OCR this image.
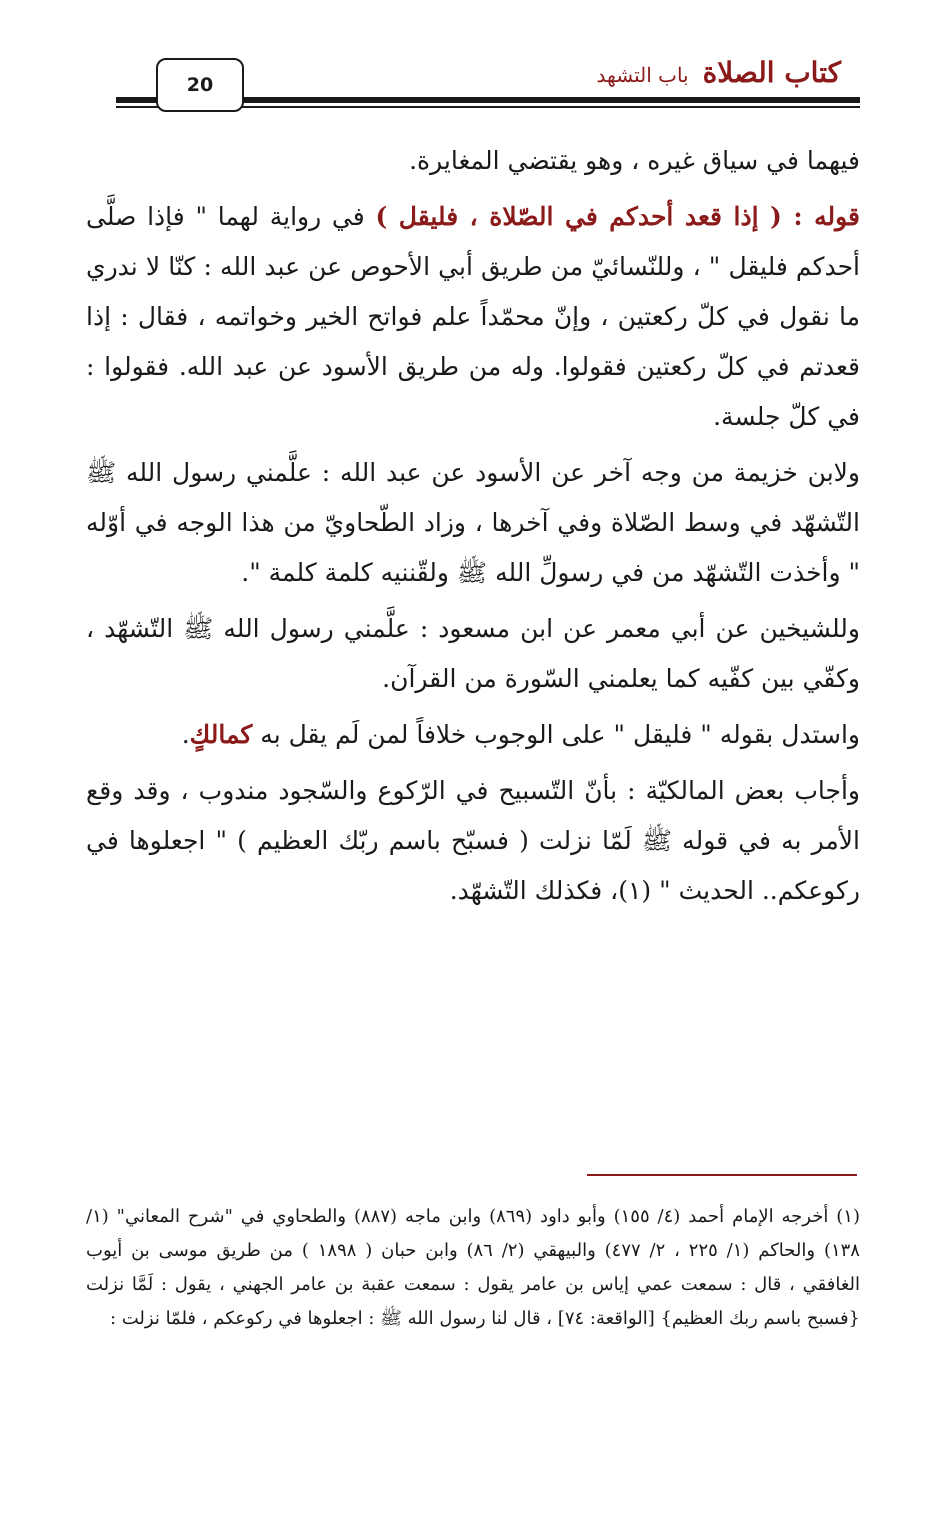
كتاب الصلاةباب التشهد
20

فيهما في سياق غيره ، وهو يقتضي المغايرة.

قوله : ( إذا قعد أحدكم في الصّلاة ، فليقل ) في رواية لهما " فإذا صلَّى أحدكم فليقل " ، وللنّسائيّ من طريق أبي الأحوص عن عبد الله : كنّا لا ندري ما نقول في كلّ ركعتين ، وإنّ محمّداً علم فواتح الخير وخواتمه ، فقال : إذا قعدتم في كلّ ركعتين فقولوا. وله من طريق الأسود عن عبد الله. فقولوا : في كلّ جلسة.

ولابن خزيمة من وجه آخر عن الأسود عن عبد الله : علَّمني رسول الله ﷺ التّشهّد في وسط الصّلاة وفي آخرها ، وزاد الطّحاويّ من هذا الوجه في أوّله " وأخذت التّشهّد من في رسولِّ الله ﷺ ولقّننيه كلمة كلمة ".

وللشيخين عن أبي معمر عن ابن مسعود : علَّمني رسول الله ﷺ التّشهّد ، وكفّي بين كفّيه كما يعلمني السّورة من القرآن.

واستدل بقوله " فليقل " على الوجوب خلافاً لمن لَم يقل به كمالكٍ.

وأجاب بعض المالكيّة : بأنّ التّسبيح في الرّكوع والسّجود مندوب ، وقد وقع الأمر به في قوله ﷺ لَمّا نزلت ( فسبّح باسم ربّك العظيم ) " اجعلوها في ركوعكم.. الحديث " (١)، فكذلك التّشهّد.

(١) أخرجه الإمام أحمد (٤/ ١٥٥) وأبو داود (٨٦٩) وابن ماجه (٨٨٧) والطحاوي في "شرح المعاني" (١/ ١٣٨) والحاكم (١/ ٢٢٥ ، ٢/ ٤٧٧) والبيهقي (٢/ ٨٦) وابن حبان ( ١٨٩٨ ) من طريق موسى بن أيوب الغافقي ، قال : سمعت عمي إياس بن عامر يقول : سمعت عقبة بن عامر الجهني ، يقول : لَمَّا نزلت {فسبح باسم ربك العظيم} [الواقعة: ٧٤] ، قال لنا رسول الله ﷺ : اجعلوها في ركوعكم ، فلمّا نزلت :
